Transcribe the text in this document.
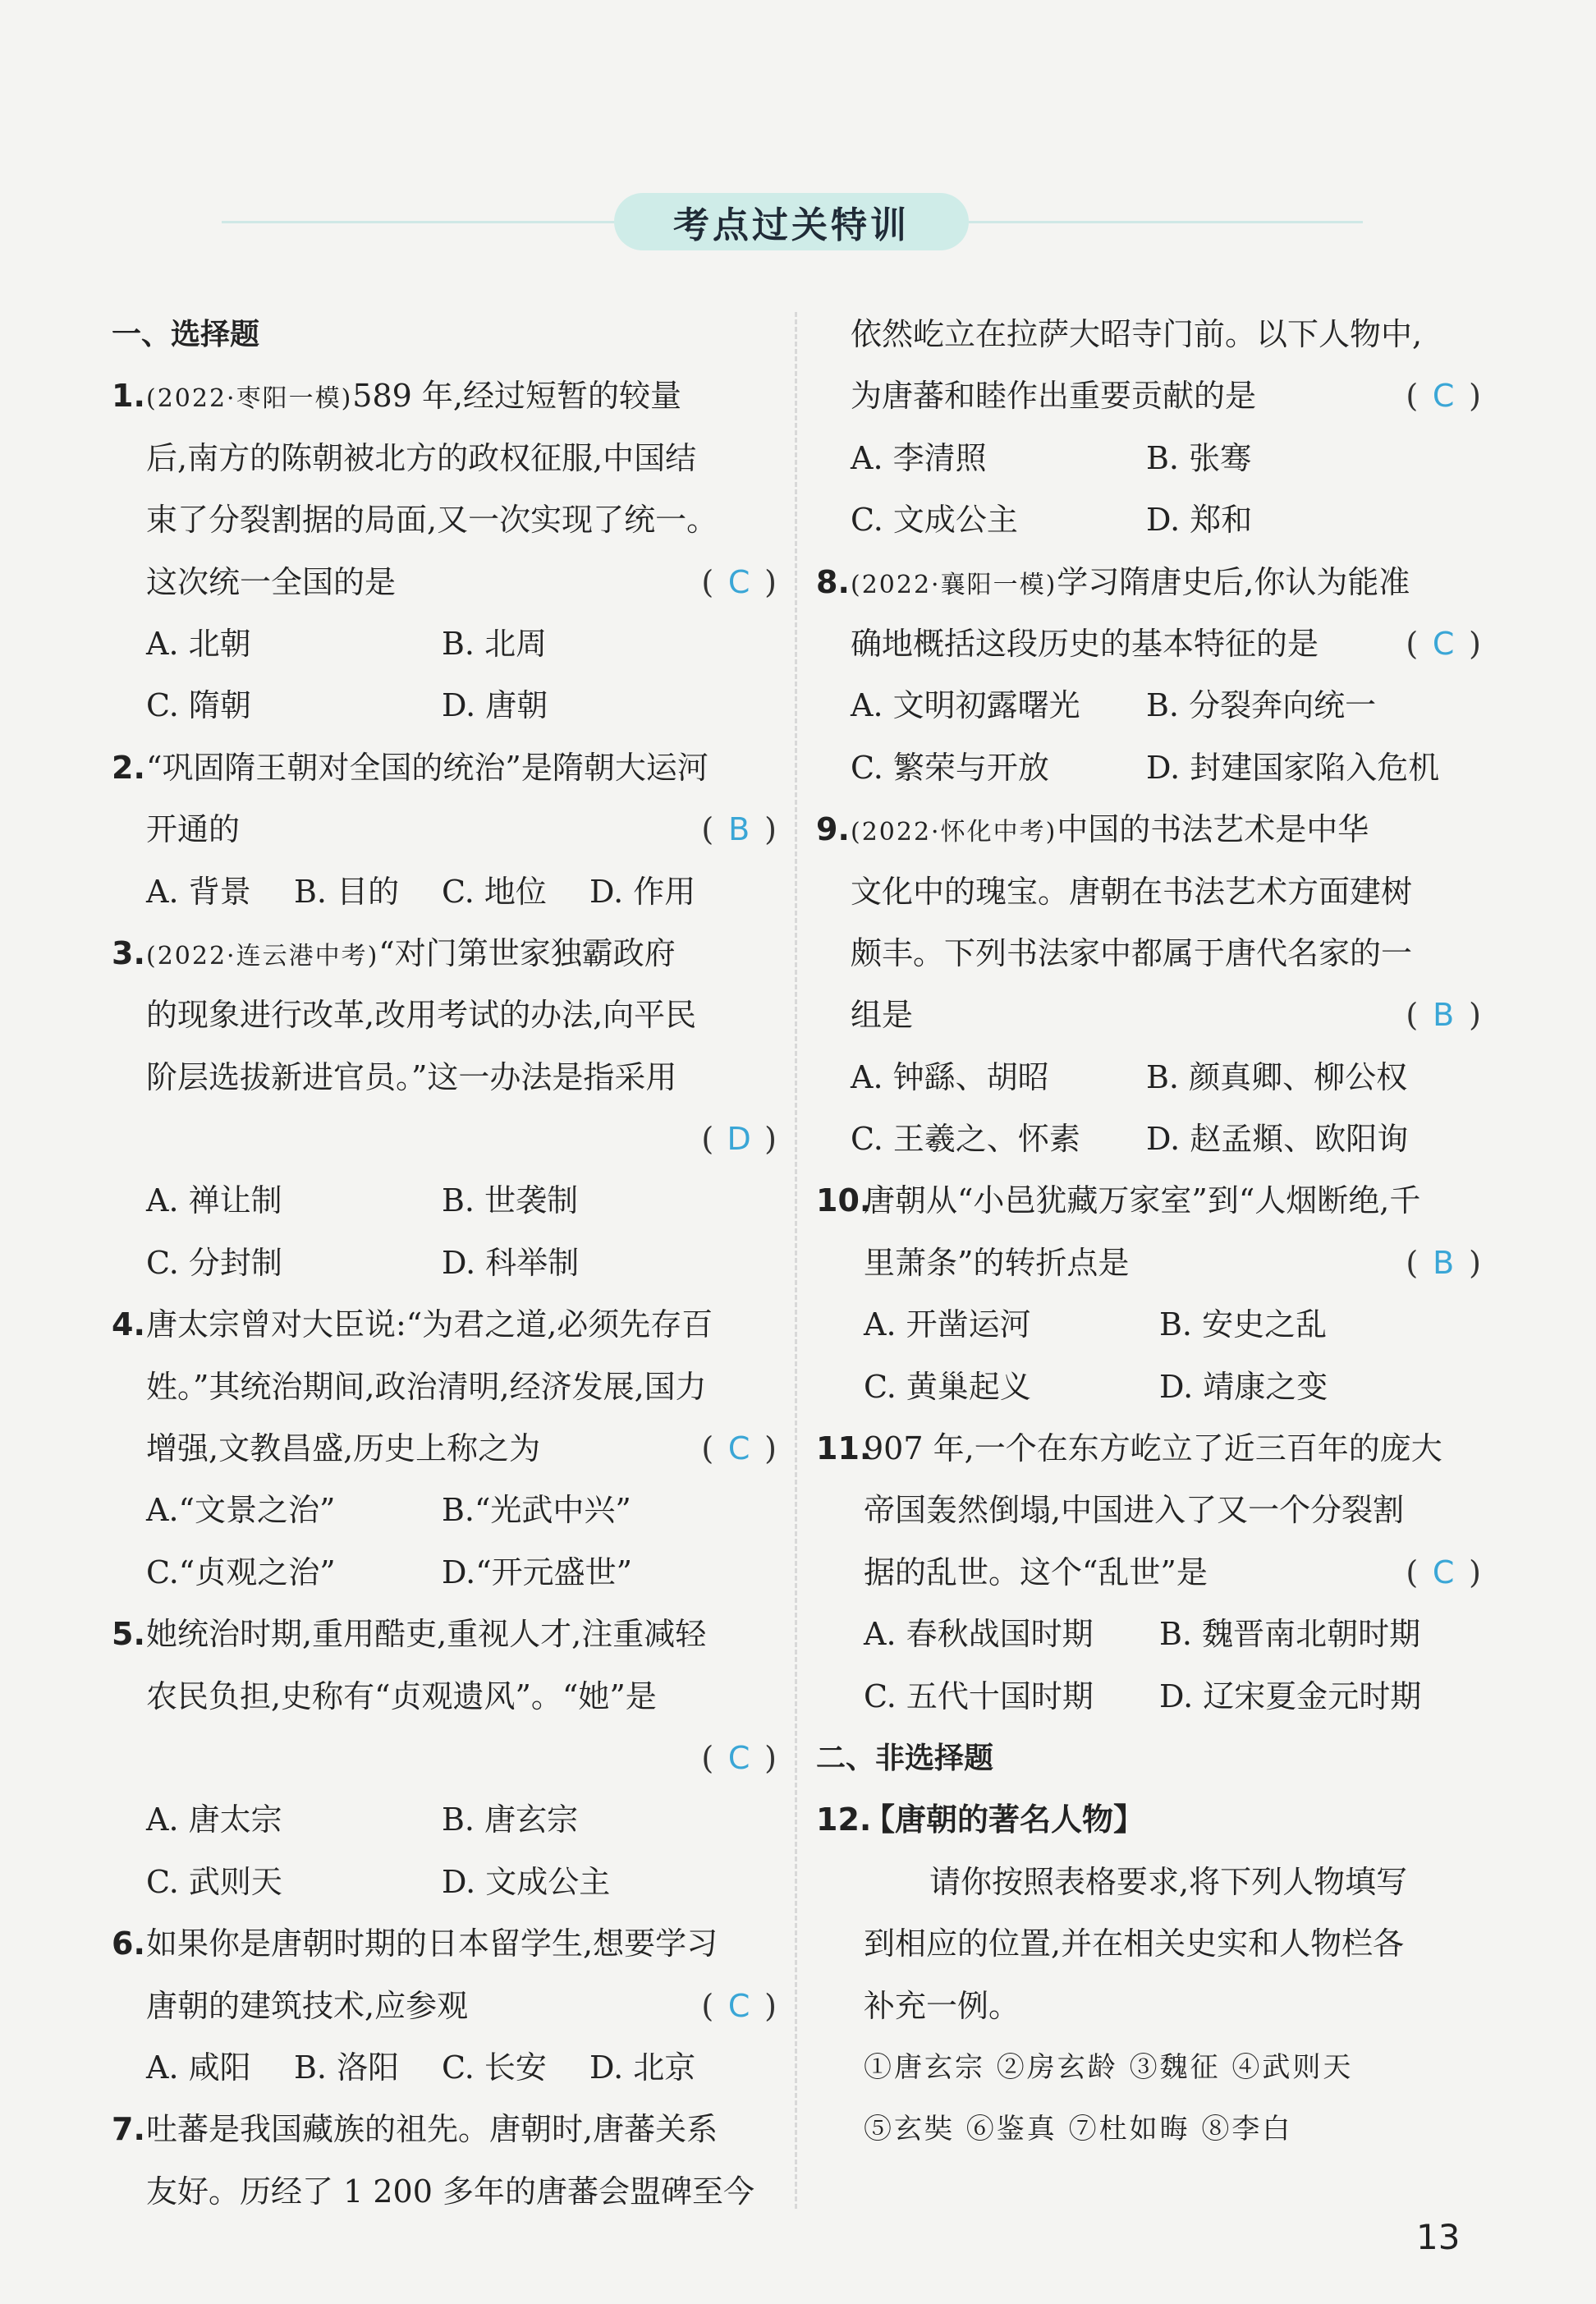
考点过关特训
一、选择题
1. (2022·枣阳一模)589 年,经过短暂的较量
后,南方的陈朝被北方的政权征服,中国结
束了分裂割据的局面,又一次实现了统一。
这次统一全国的是	( C )
A. 北朝	B. 北周
C. 隋朝	D. 唐朝
2. “巩固隋王朝对全国的统治”是隋朝大运河
开通的	( B )
A. 背景	B. 目的	C. 地位	D. 作用
3. (2022·连云港中考)“对门第世家独霸政府
的现象进行改革,改用考试的办法,向平民
阶层选拔新进官员。”这一办法是指采用
( D )
A. 禅让制	B. 世袭制
C. 分封制	D. 科举制
4. 唐太宗曾对大臣说:“为君之道,必须先存百
姓。”其统治期间,政治清明,经济发展,国力
增强,文教昌盛,历史上称之为	( C )
A.“文景之治”	B.“光武中兴”
C.“贞观之治”	D.“开元盛世”
5. 她统治时期,重用酷吏,重视人才,注重减轻
农民负担,史称有“贞观遗风”。“她”是
( C )
A. 唐太宗	B. 唐玄宗
C. 武则天	D. 文成公主
6. 如果你是唐朝时期的日本留学生,想要学习
唐朝的建筑技术,应参观	( C )
A. 咸阳	B. 洛阳	C. 长安	D. 北京
7. 吐蕃是我国藏族的祖先。唐朝时,唐蕃关系
友好。历经了 1 200 多年的唐蕃会盟碑至今
依然屹立在拉萨大昭寺门前。以下人物中,
为唐蕃和睦作出重要贡献的是	( C )
A. 李清照	B. 张骞
C. 文成公主	D. 郑和
8. (2022·襄阳一模)学习隋唐史后,你认为能准
确地概括这段历史的基本特征的是	( C )
A. 文明初露曙光	B. 分裂奔向统一
C. 繁荣与开放	D. 封建国家陷入危机
9. (2022·怀化中考)中国的书法艺术是中华
文化中的瑰宝。唐朝在书法艺术方面建树
颇丰。下列书法家中都属于唐代名家的一
组是	( B )
A. 钟繇、胡昭	B. 颜真卿、柳公权
C. 王羲之、怀素	D. 赵孟頫、欧阳询
10.
唐朝从“小邑犹藏万家室”到“人烟断绝,千
里萧条”的转折点是	( B )
A. 开凿运河	B. 安史之乱
C. 黄巢起义	D. 靖康之变
11.
907 年,一个在东方屹立了近三百年的庞大
帝国轰然倒塌,中国进入了又一个分裂割
据的乱世。这个“乱世”是	( C )
A. 春秋战国时期	B. 魏晋南北朝时期
C. 五代十国时期	D. 辽宋夏金元时期
二、非选择题
12.
【唐朝的著名人物】
请你按照表格要求,将下列人物填写
到相应的位置,并在相关史实和人物栏各
补充一例。
①唐玄宗 ②房玄龄 ③魏征 ④武则天
⑤玄奘 ⑥鉴真 ⑦杜如晦 ⑧李白
13
